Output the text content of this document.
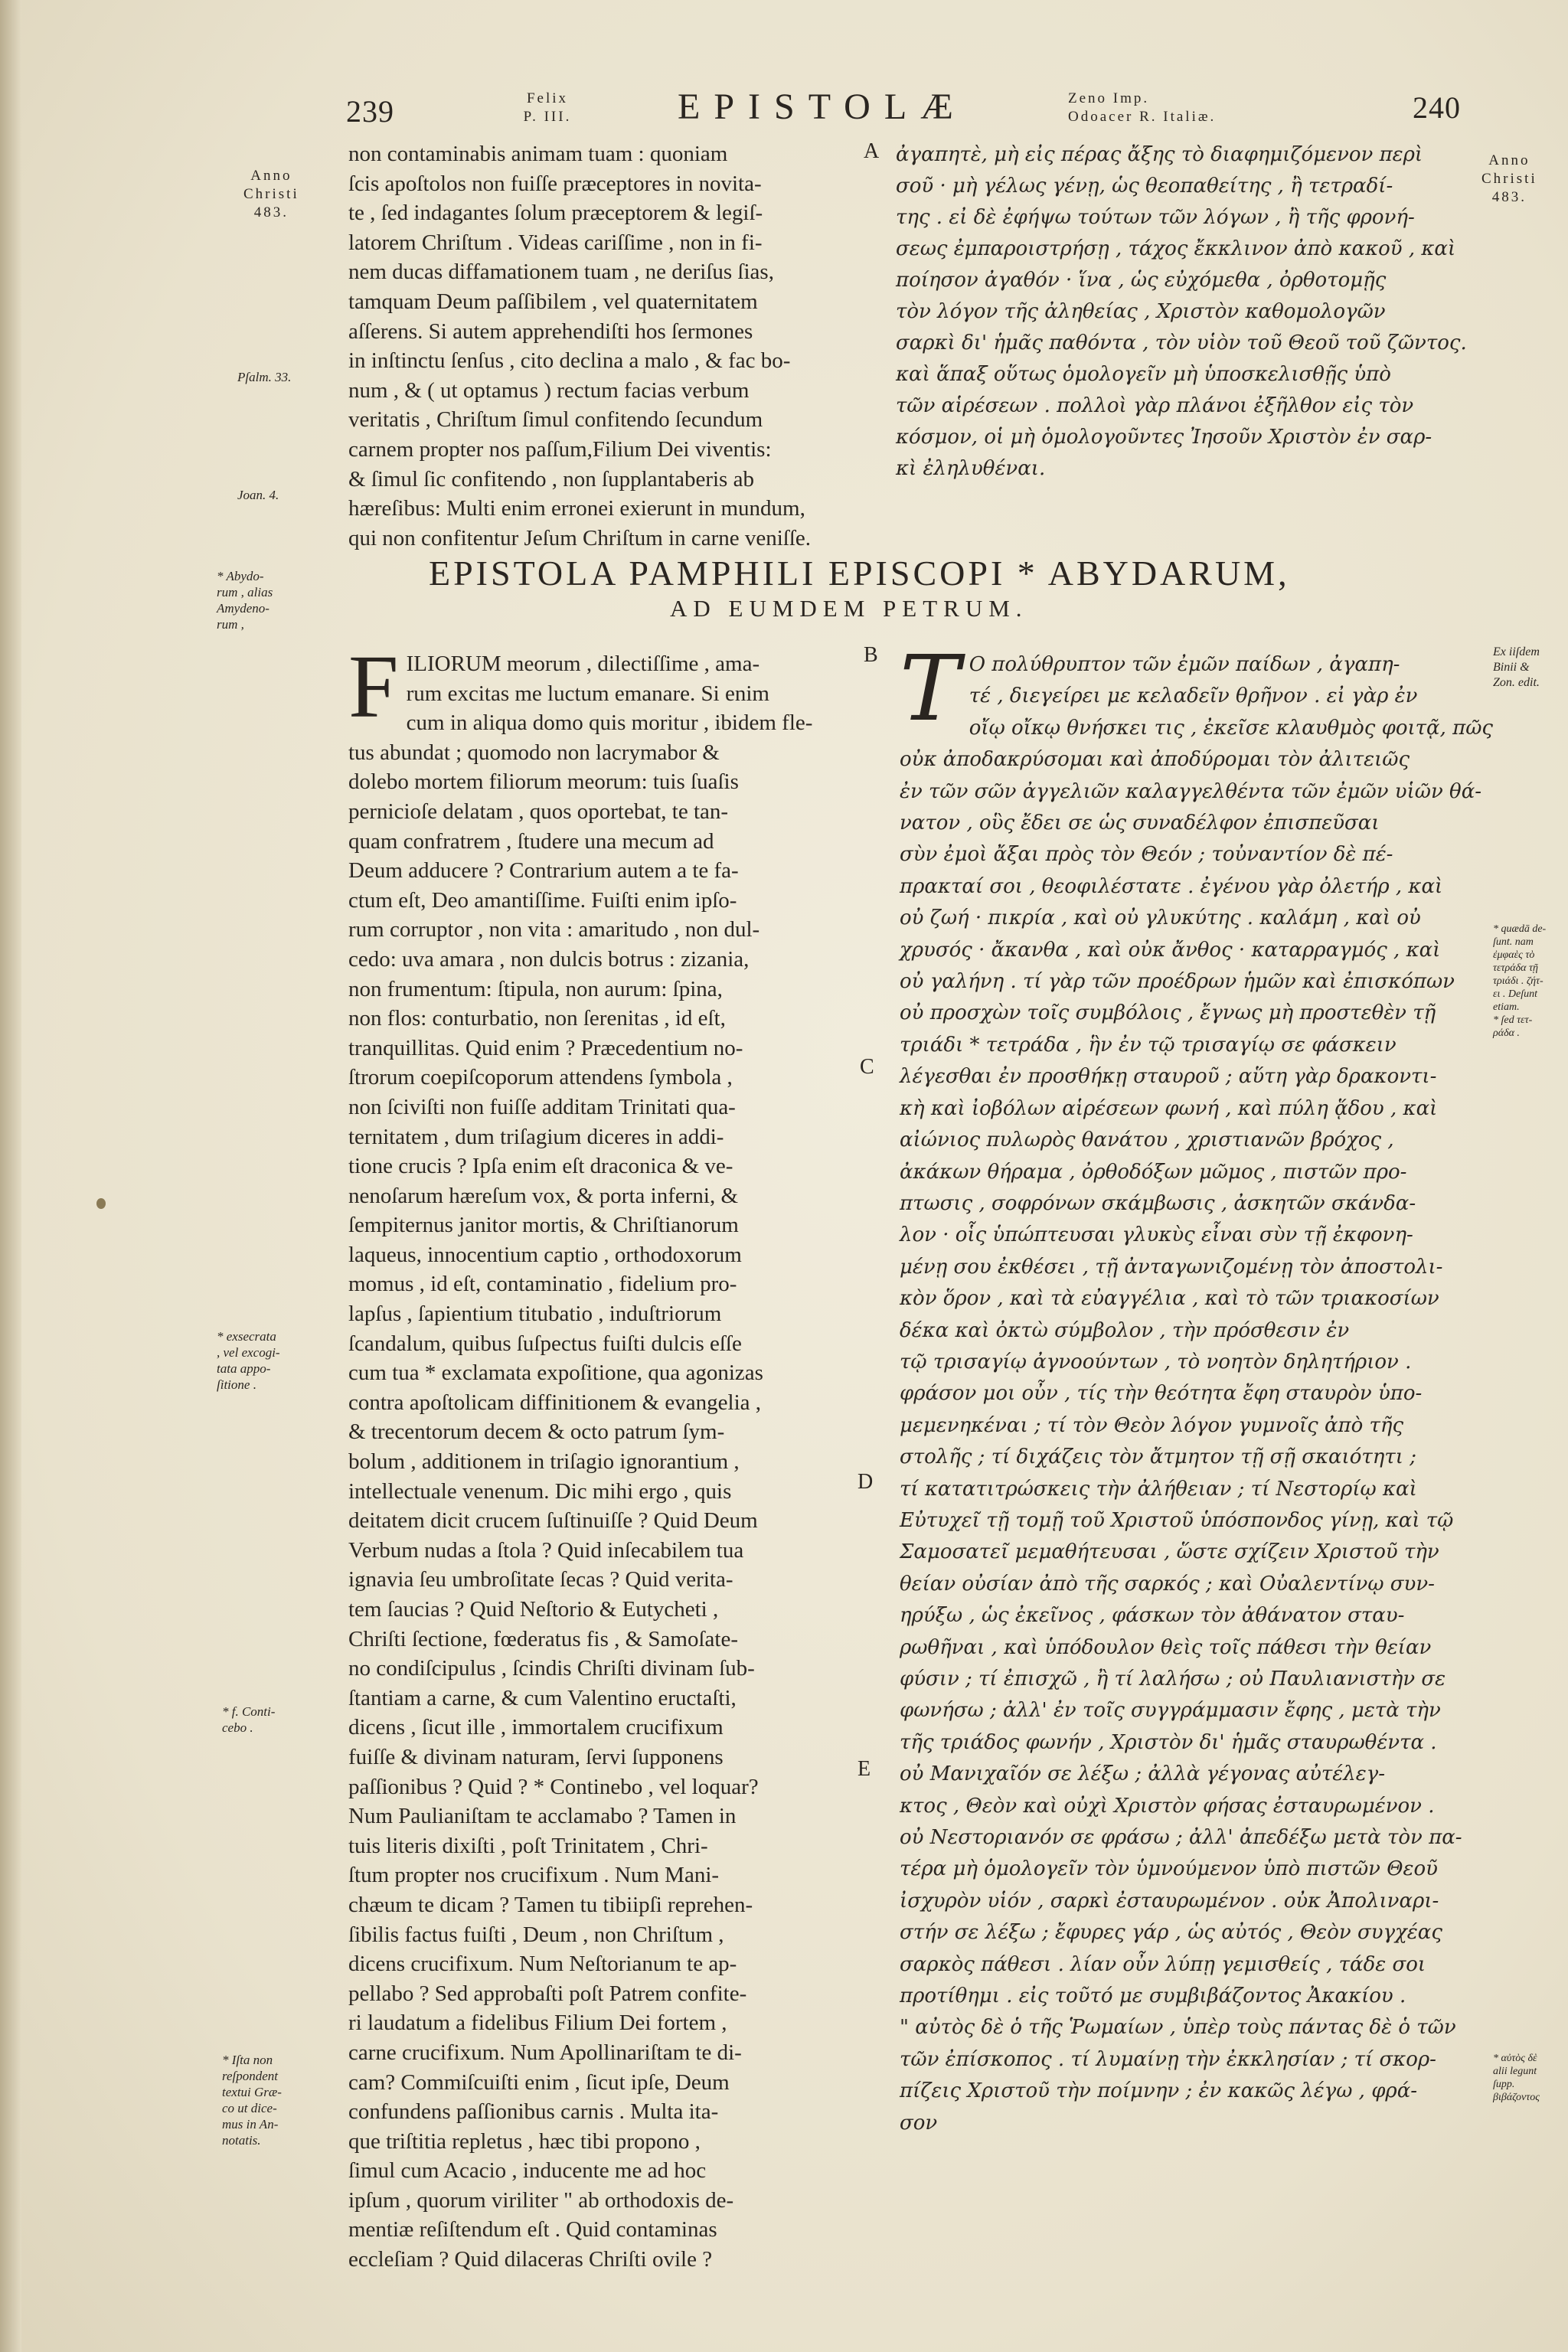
239	Felix
P. III.	EPISTOLÆ	Zeno Imp.
Odoacer R. Italiæ.	240
Anno
Christi
483.
Anno
Christi
483.

non contaminabis animam tuam : quoniam

ſcis apoſtolos non fuiſſe præceptores in novita-

te , ſed indagantes ſolum præceptorem & legiſ-

latorem Chriſtum . Videas cariſſime , non in fi-

nem ducas diffamationem tuam , ne deriſus ſias,

tamquam Deum paſſibilem , vel quaternitatem

aſſerens. Si autem apprehendiſti hos ſermones

in inſtinctu ſenſus , cito declina a malo , & fac bo-

num , & ( ut optamus ) rectum facias verbum

veritatis , Chriſtum ſimul confitendo ſecundum

carnem propter nos paſſum,Filium Dei viventis:

& ſimul ſic confitendo , non ſupplantaberis ab

hæreſibus: Multi enim erronei exierunt in mundum,

qui non confitentur Jeſum Chriſtum in carne veniſſe.

ἀγαπητὲ, μὴ εἰς πέρας ἄξης τὸ διαφημιζόμενον περὶ

σοῦ · μὴ γέλως γένῃ, ὡς θεοπαθείτης , ἢ τετραδί-

της . εἰ δὲ ἐφήψω τούτων τῶν λόγων , ἢ τῆς φρονή-

σεως ἐμπαροιστρήσῃ , τάχος ἔκκλινον ἀπὸ κακοῦ , καὶ

ποίησον ἀγαθόν · ἵνα , ὡς εὐχόμεθα , ὀρθοτομῇς

τὸν λόγον τῆς ἀληθείας , Χριστὸν καθομολογῶν

σαρκὶ δι' ἡμᾶς παθόντα , τὸν υἱὸν τοῦ Θεοῦ τοῦ ζῶντος.

καὶ ἅπαξ οὕτως ὁμολογεῖν μὴ ὑποσκελισθῇς ὑπὸ

τῶν αἱρέσεων . πολλοὶ γὰρ πλάνοι ἐξῆλθον εἰς τὸν

κόσμον, οἱ μὴ ὁμολογοῦντες Ἰησοῦν Χριστὸν ἐν σαρ-

κὶ ἐληλυθέναι.

A
B
C
D
E
EPISTOLA PAMPHILI EPISCOPI * ABYDARUM,
AD EUMDEM PETRUM.
F ILIORUM meorum , dilectiſſime , ama-

rum excitas me luctum emanare. Si enim

cum in aliqua domo quis moritur , ibidem fle-

tus abundat ; quomodo non lacrymabor &

dolebo mortem filiorum meorum: tuis ſuaſis

pernicioſe delatam , quos oportebat, te tan-

quam confratrem , ſtudere una mecum ad

Deum adducere ? Contrarium autem a te fa-

ctum eſt, Deo amantiſſime. Fuiſti enim ipſo-

rum corruptor , non vita : amaritudo , non dul-

cedo: uva amara , non dulcis botrus : zizania,

non frumentum: ſtipula, non aurum: ſpina,

non flos: conturbatio, non ſerenitas , id eſt,

tranquillitas. Quid enim ? Præcedentium no-

ſtrorum coepiſcoporum attendens ſymbola ,

non ſciviſti non fuiſſe additam Trinitati qua-

ternitatem , dum triſagium diceres in addi-

tione crucis ? Ipſa enim eſt draconica & ve-

nenoſarum hæreſum vox, & porta inferni, &

ſempiternus janitor mortis, & Chriſtianorum

laqueus, innocentium captio , orthodoxorum

momus , id eſt, contaminatio , fidelium pro-

lapſus , ſapientium titubatio , induſtriorum

ſcandalum, quibus ſuſpectus fuiſti dulcis eſſe

cum tua * exclamata expoſitione, qua agonizas

contra apoſtolicam diffinitionem & evangelia ,

& trecentorum decem & octo patrum ſym-

bolum , additionem in triſagio ignorantium ,

intellectuale venenum. Dic mihi ergo , quis

deitatem dicit crucem ſuſtinuiſſe ? Quid Deum

Verbum nudas a ſtola ? Quid inſecabilem tua

ignavia ſeu umbroſitate ſecas ? Quid verita-

tem ſaucias ? Quid Neſtorio & Eutycheti ,

Chriſti ſectione, fœderatus fis , & Samoſate-

no condiſcipulus , ſcindis Chriſti divinam ſub-

ſtantiam a carne, & cum Valentino eructaſti,

dicens , ſicut ille , immortalem crucifixum

fuiſſe & divinam naturam, ſervi ſupponens

paſſionibus ? Quid ? * Continebo , vel loquar?

Num Paulianiſtam te acclamabo ? Tamen in

tuis literis dixiſti , poſt Trinitatem , Chri-

ſtum propter nos crucifixum . Num Mani-

chæum te dicam ? Tamen tu tibiipſi reprehen-

ſibilis factus fuiſti , Deum , non Chriſtum ,

dicens crucifixum. Num Neſtorianum te ap-

pellabo ? Sed approbaſti poſt Patrem confite-

ri laudatum a fidelibus Filium Dei fortem ,

carne crucifixum. Num Apollinariſtam te di-

cam? Commiſcuiſti enim , ſicut ipſe, Deum

confundens paſſionibus carnis . Multa ita-

que triſtitia repletus , hæc tibi propono ,

ſimul cum Acacio , inducente me ad hoc

ipſum , quorum viriliter " ab orthodoxis de-

mentiæ reſiſtendum eſt . Quid contaminas

eccleſiam ? Quid dilaceras Chriſti ovile ?

Τ Ο πολύθρυπτον τῶν ἐμῶν παίδων , ἀγαπη-

τέ , διεγείρει με κελαδεῖν θρῆνον . εἰ γὰρ ἐν

οἴῳ οἴκῳ θνήσκει τις , ἐκεῖσε κλαυθμὸς φοιτᾷ, πῶς

οὐκ ἀποδακρύσομαι καὶ ἀποδύρομαι τὸν ἀλιτειῶς

ἐν τῶν σῶν ἀγγελιῶν καλαγγελθέντα τῶν ἐμῶν υἱῶν θά-

νατον , οὓς ἔδει σε ὡς συναδέλφον ἐπισπεῦσαι

σὺν ἐμοὶ ἄξαι πρὸς τὸν Θεόν ; τοὐναντίον δὲ πέ-

πρακταί σοι , θεοφιλέστατε . ἐγένου γὰρ ὀλετήρ , καὶ

οὐ ζωή · πικρία , καὶ οὐ γλυκύτης . καλάμη , καὶ οὐ

χρυσός · ἄκανθα , καὶ οὐκ ἄνθος · καταρραγμός , καὶ

οὐ γαλήνη . τί γὰρ τῶν προέδρων ἡμῶν καὶ ἐπισκόπων

οὐ προσχὼν τοῖς συμβόλοις , ἔγνως μὴ προστεθὲν τῇ

τριάδι * τετράδα , ἣν ἐν τῷ τρισαγίῳ σε φάσκειν

λέγεσθαι ἐν προσθήκῃ σταυροῦ ; αὕτη γὰρ δρακοντι-

κὴ καὶ ἰοβόλων αἱρέσεων φωνή , καὶ πύλη ᾅδου , καὶ

αἰώνιος πυλωρὸς θανάτου , χριστιανῶν βρόχος ,

ἀκάκων θήραμα , ὀρθοδόξων μῶμος , πιστῶν προ-

πτωσις , σοφρόνων σκάμβωσις , ἀσκητῶν σκάνδα-

λον · οἷς ὑπώπτευσαι γλυκὺς εἶναι σὺν τῇ ἐκφονη-

μένῃ σου ἐκθέσει , τῇ ἀνταγωνιζομένῃ τὸν ἀποστολι-

κὸν ὅρον , καὶ τὰ εὐαγγέλια , καὶ τὸ τῶν τριακοσίων

δέκα καὶ ὀκτὼ σύμβολον , τὴν πρόσθεσιν ἐν

τῷ τρισαγίῳ ἀγνοούντων , τὸ νοητὸν δηλητήριον .

φράσον μοι οὖν , τίς τὴν θεότητα ἔφη σταυρὸν ὑπο-

μεμενηκέναι ; τί τὸν Θεὸν λόγον γυμνοῖς ἀπὸ τῆς

στολῆς ; τί διχάζεις τὸν ἄτμητον τῇ σῇ σκαιότητι ;

τί κατατιτρώσκεις τὴν ἀλήθειαν ; τί Νεστορίῳ καὶ

Εὐτυχεῖ τῇ τομῇ τοῦ Χριστοῦ ὑπόσπονδος γίνῃ, καὶ τῷ

Σαμοσατεῖ μεμαθήτευσαι , ὥστε σχίζειν Χριστοῦ τὴν

θείαν οὐσίαν ἀπὸ τῆς σαρκός ; καὶ Οὐαλεντίνῳ συν-

ηρύξω , ὡς ἐκεῖνος , φάσκων τὸν ἀθάνατον σταυ-

ρωθῆναι , καὶ ὑπόδουλον θεὶς τοῖς πάθεσι τὴν θείαν

φύσιν ; τί ἐπισχῶ , ἢ τί λαλήσω ; οὐ Παυλιανιστὴν σε

φωνήσω ; ἀλλ' ἐν τοῖς συγγράμμασιν ἔφης , μετὰ τὴν

τῆς τριάδος φωνήν , Χριστὸν δι' ἡμᾶς σταυρωθέντα .

οὐ Μανιχαῖόν σε λέξω ; ἀλλὰ γέγονας αὐτέλεγ-

κτος , Θεὸν καὶ οὐχὶ Χριστὸν φήσας ἐσταυρωμένον .

οὐ Νεστοριανόν σε φράσω ; ἀλλ' ἀπεδέξω μετὰ τὸν πα-

τέρα μὴ ὁμολογεῖν τὸν ὑμνούμενον ὑπὸ πιστῶν Θεοῦ

ἰσχυρὸν υἱόν , σαρκὶ ἐσταυρωμένον . οὐκ Ἀπολιναρι-

στήν σε λέξω ; ἔφυρες γάρ , ὡς αὐτός , Θεὸν συγχέας

σαρκὸς πάθεσι . λίαν οὖν λύπῃ γεμισθείς , τάδε σοι

προτίθημι . εἰς τοῦτό με συμβιβάζοντος Ἀκακίου .

" αὐτὸς δὲ ὁ τῆς Ῥωμαίων , ὑπὲρ τοὺς πάντας δὲ ὁ τῶν

τῶν ἐπίσκοπος . τί λυμαίνῃ τὴν ἐκκλησίαν ; τί σκορ-

πίζεις Χριστοῦ τὴν ποίμνην ; ἐν κακῶς λέγω , φρά-

σον

Pſalm. 33.
Joan. 4.
* Abydo-
rum , alias
Amydeno-
rum ,
* exsecrata
, vel excogi-
tata appo-
ſitione .
* f. Conti-
cebo .
* Iſta non
reſpondent
textui Græ-
co ut dice-
mus in An-
notatis.
Ex iiſdem
Binii &
Zon. edit.
* quædā de-
ſunt. nam
ἐμφαὲς τὸ
τετράδα τῇ
τριάδι . ζήτ-
ει . Deſunt
etiam.
* ſed τετ-
ράδα .
* αὐτὸς δὲ
alii legunt
ſupp.
βιβάζοντος
